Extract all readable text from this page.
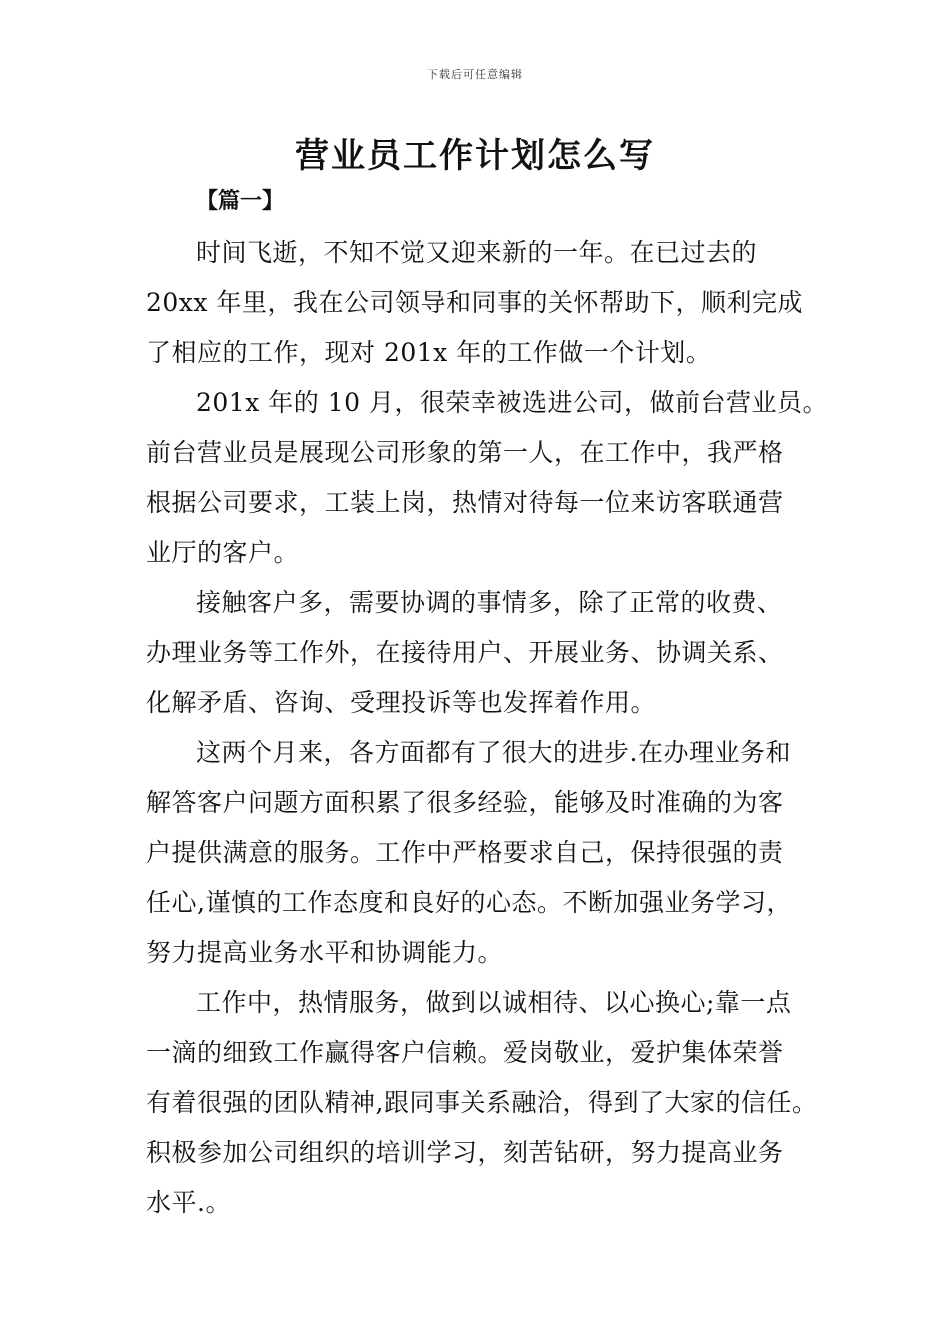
下载后可任意编辑
营业员工作计划怎么写
【篇一】
时间飞逝，不知不觉又迎来新的一年。在已过去的
20xx 年里，我在公司领导和同事的关怀帮助下，顺利完成
了相应的工作，现对 201x 年的工作做一个计划。
201x 年的 10 月，很荣幸被选进公司，做前台营业员。
前台营业员是展现公司形象的第一人，在工作中，我严格
根据公司要求，工装上岗，热情对待每一位来访客联通营
业厅的客户。
接触客户多，需要协调的事情多，除了正常的收费、
办理业务等工作外，在接待用户、开展业务、协调关系、
化解矛盾、咨询、受理投诉等也发挥着作用。
这两个月来，各方面都有了很大的进步.在办理业务和
解答客户问题方面积累了很多经验，能够及时准确的为客
户提供满意的服务。工作中严格要求自己，保持很强的责
任心,谨慎的工作态度和良好的心态。不断加强业务学习，
努力提高业务水平和协调能力。
工作中，热情服务，做到以诚相待、以心换心;靠一点
一滴的细致工作赢得客户信赖。爱岗敬业，爱护集体荣誉
有着很强的团队精神,跟同事关系融洽，得到了大家的信任。
积极参加公司组织的培训学习，刻苦钻研，努力提高业务
水平.。
